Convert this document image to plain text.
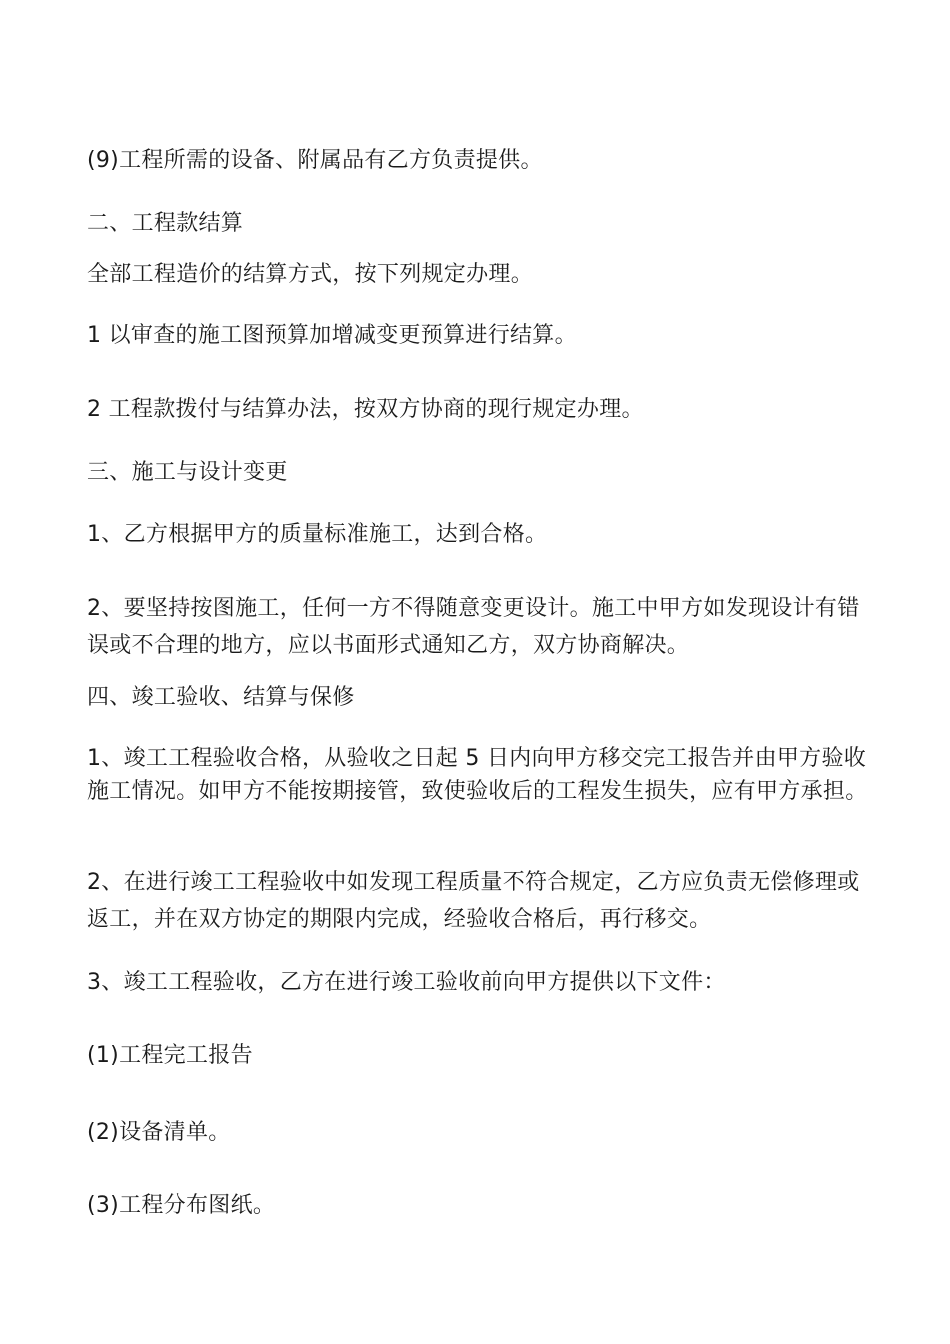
(9)工程所需的设备、附属品有乙方负责提供。
二、工程款结算
全部工程造价的结算方式，按下列规定办理。
1 以审查的施工图预算加增减变更预算进行结算。
2 工程款拨付与结算办法，按双方协商的现行规定办理。
三、施工与设计变更
1、乙方根据甲方的质量标准施工，达到合格。
2、要坚持按图施工，任何一方不得随意变更设计。施工中甲方如发现设计有错误或不合理的地方，应以书面形式通知乙方，双方协商解决。
四、竣工验收、结算与保修
1、竣工工程验收合格，从验收之日起 5 日内向甲方移交完工报告并由甲方验收施工情况。如甲方不能按期接管，致使验收后的工程发生损失，应有甲方承担。
2、在进行竣工工程验收中如发现工程质量不符合规定，乙方应负责无偿修理或返工，并在双方协定的期限内完成，经验收合格后，再行移交。
3、竣工工程验收，乙方在进行竣工验收前向甲方提供以下文件：
(1)工程完工报告
(2)设备清单。
(3)工程分布图纸。
